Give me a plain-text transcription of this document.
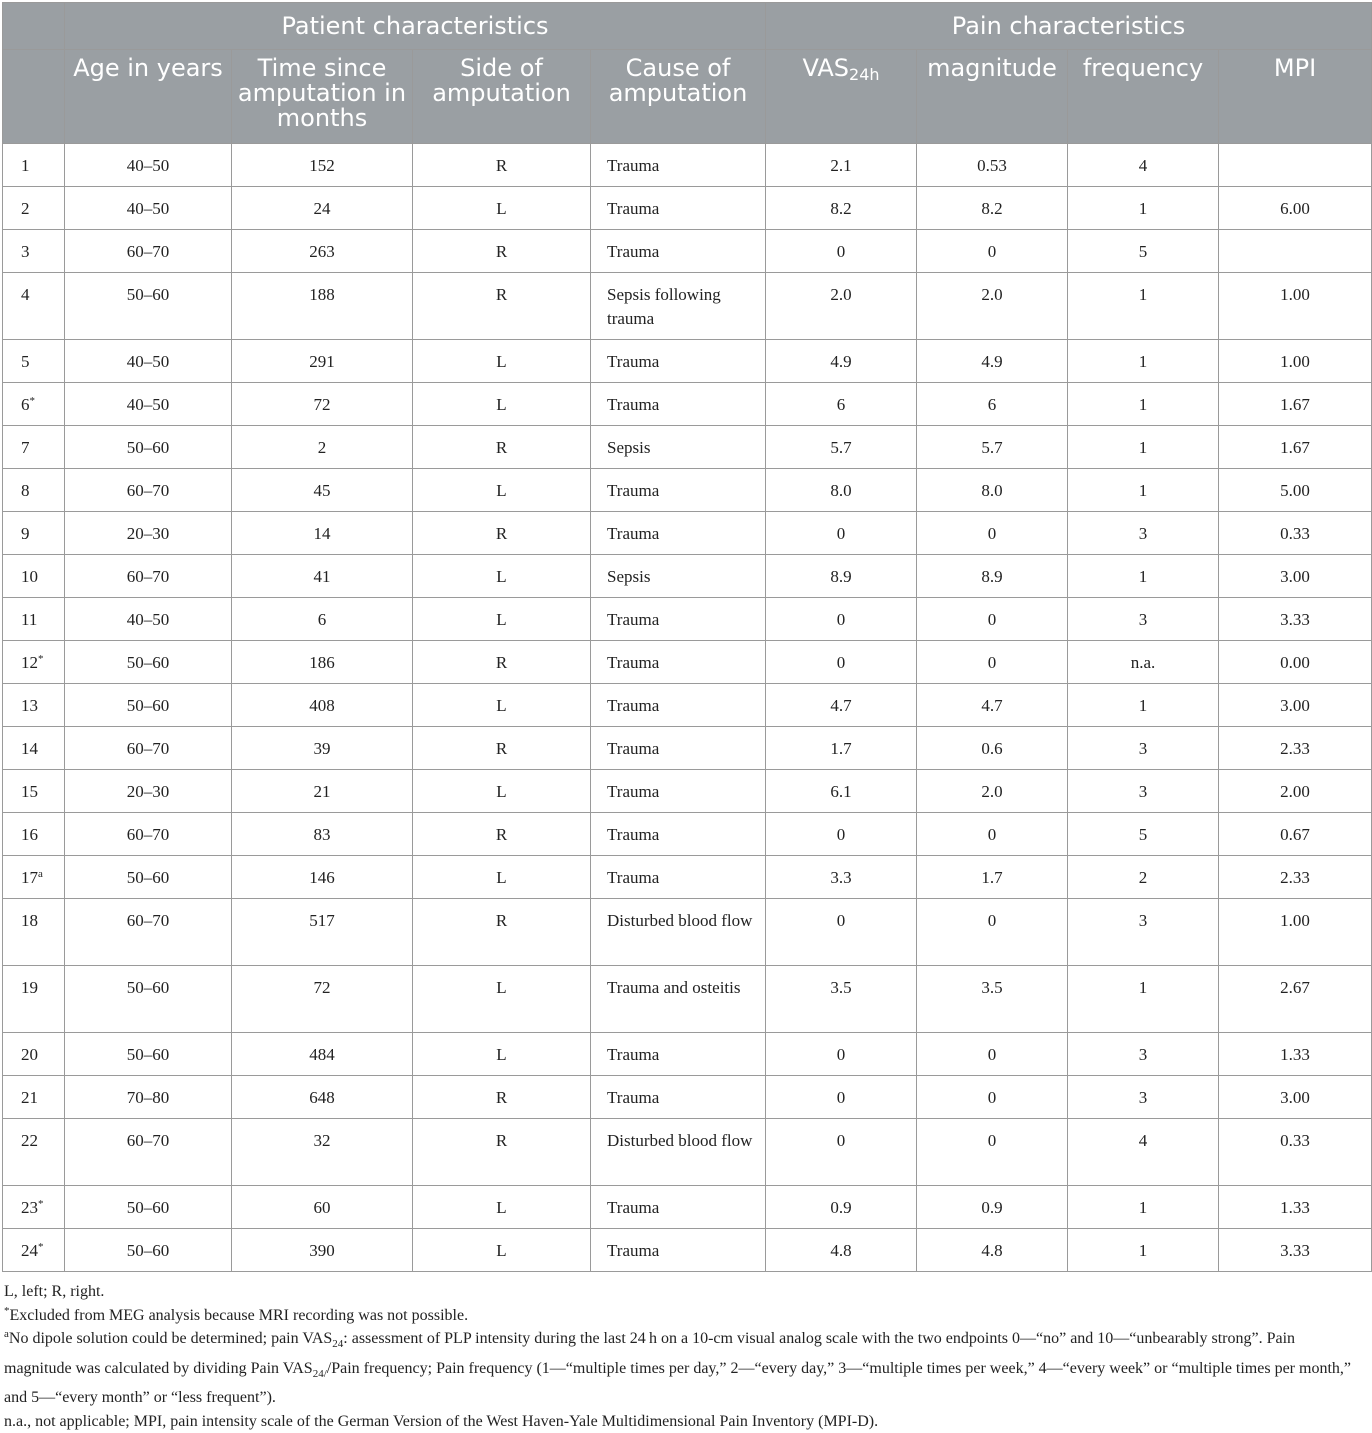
	Patient characteristics				Pain characteristics			
	Age in years	Time since amputation in months	Side of amputation	Cause of amputation	$VAS_{24h}$	magnitude	frequency	MPI
1	40–50	152	R	Trauma	2.1	0.53	4	
2	40–50	24	L	Trauma	8.2	8.2	1	6.00
3	60–70	263	R	Trauma	0	0	5	
4	50–60	188	R	Sepsis following trauma	2.0	2.0	1	1.00
5	40–50	291	L	Trauma	4.9	4.9	1	1.00
6*	40–50	72	L	Trauma	6	6	1	1.67
7	50–60	2	R	Sepsis	5.7	5.7	1	1.67
8	60–70	45	L	Trauma	8.0	8.0	1	5.00
9	20–30	14	R	Trauma	0	0	3	0.33
10	60–70	41	L	Sepsis	8.9	8.9	1	3.00
11	40–50	6	L	Trauma	0	0	3	3.33
12*	50–60	186	R	Trauma	0	0	n.a.	0.00
13	50–60	408	L	Trauma	4.7	4.7	1	3.00
14	60–70	39	R	Trauma	1.7	0.6	3	2.33
15	20–30	21	L	Trauma	6.1	2.0	3	2.00
16	60–70	83	R	Trauma	0	0	5	0.67
17$^a$	50–60	146	L	Trauma	3.3	1.7	2	2.33
18	60–70	517	R	Disturbed blood flow	0	0	3	1.00
19	50–60	72	L	Trauma and osteitis	3.5	3.5	1	2.67
20	50–60	484	L	Trauma	0	0	3	1.33
21	70–80	648	R	Trauma	0	0	3	3.00
22	60–70	32	R	Disturbed blood flow	0	0	4	0.33
23*	50–60	60	L	Trauma	0.9	0.9	1	1.33
24*	50–60	390	L	Trauma	4.8	4.8	1	3.33

L, left; R, right.

*Excluded from MEG analysis because MRI recording was not possible.

$^a$No dipole solution could be determined; pain $VAS_{24}$: assessment of PLP intensity during the last 24 h on a 10-cm visual analog scale with the two endpoints 0—“no” and 10—“unbearably strong”. Pain magnitude was calculated by dividing Pain $VAS_{24/}$/Pain frequency; Pain frequency (1—“multiple times per day,” 2—“every day,” 3—“multiple times per week,” 4—“every week” or “multiple times per month,” and 5—“every month” or “less frequent”).

n.a., not applicable; MPI, pain intensity scale of the German Version of the West Haven-Yale Multidimensional Pain Inventory (MPI-D).
